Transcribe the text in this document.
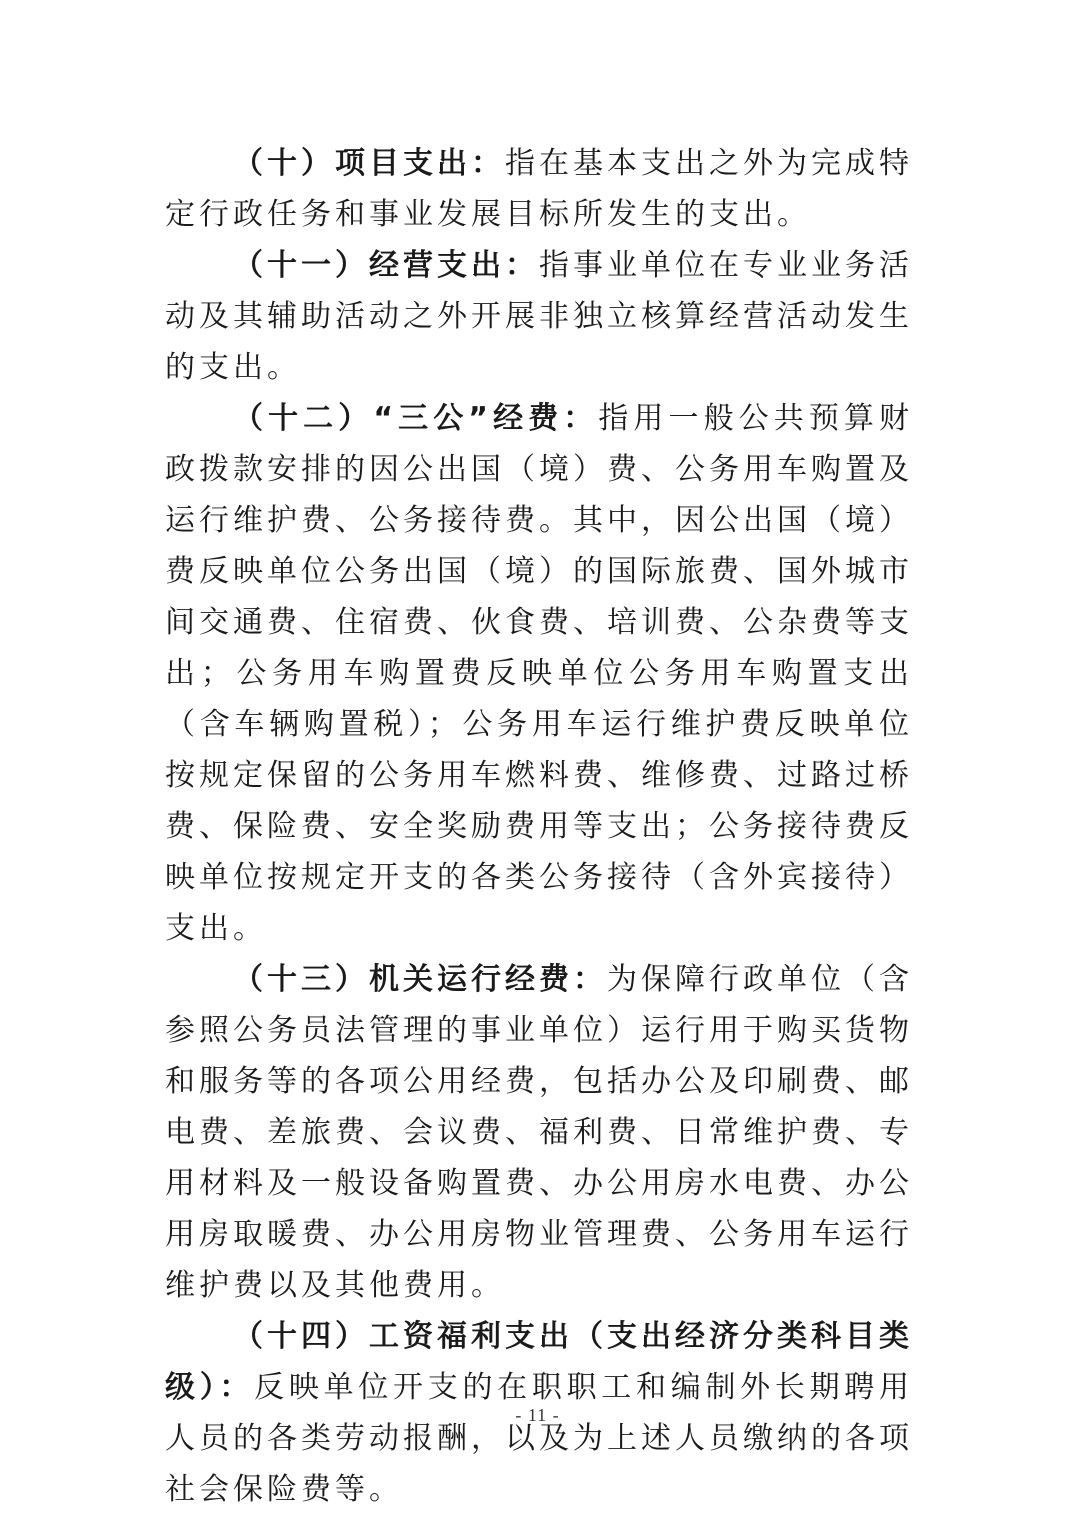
（十）项目支出：指在基本支出之外为完成特定行政任务和事业发展目标所发生的支出。

（十一）经营支出：指事业单位在专业业务活动及其辅助活动之外开展非独立核算经营活动发生的支出。

（十二）“三公”经费：指用一般公共预算财政拨款安排的因公出国（境）费、公务用车购置及运行维护费、公务接待费。其中，因公出国（境）费反映单位公务出国（境）的国际旅费、国外城市间交通费、住宿费、伙食费、培训费、公杂费等支出；公务用车购置费反映单位公务用车购置支出（含车辆购置税）；公务用车运行维护费反映单位按规定保留的公务用车燃料费、维修费、过路过桥费、保险费、安全奖励费用等支出；公务接待费反映单位按规定开支的各类公务接待（含外宾接待）支出。

（十三）机关运行经费：为保障行政单位（含参照公务员法管理的事业单位）运行用于购买货物和服务等的各项公用经费，包括办公及印刷费、邮电费、差旅费、会议费、福利费、日常维护费、专用材料及一般设备购置费、办公用房水电费、办公用房取暖费、办公用房物业管理费、公务用车运行维护费以及其他费用。

（十四）工资福利支出（支出经济分类科目类级）：反映单位开支的在职职工和编制外长期聘用人员的各类劳动报酬，以及为上述人员缴纳的各项社会保险费等。

- 11 -
